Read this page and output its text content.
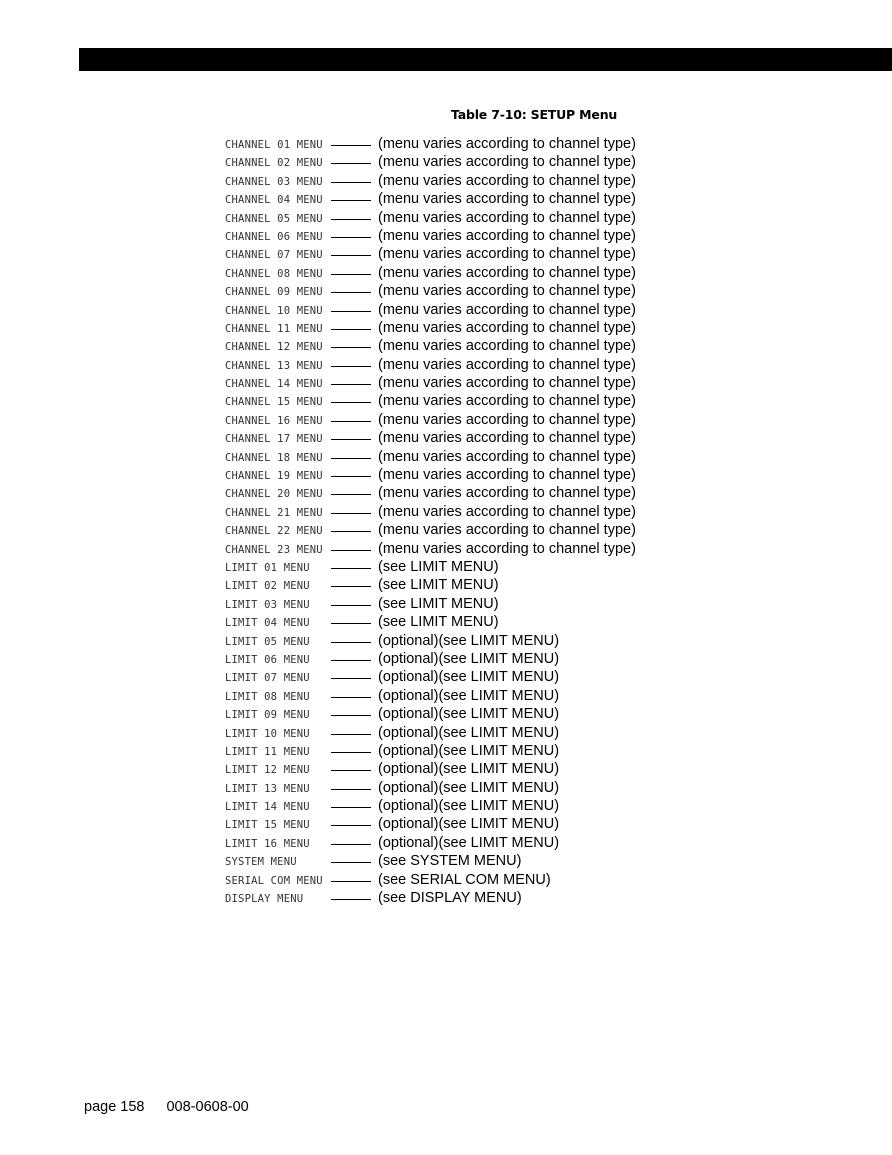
Table 7-10: SETUP Menu
CHANNEL 01 MENU	(menu varies according to channel type)
CHANNEL 02 MENU	(menu varies according to channel type)
CHANNEL 03 MENU	(menu varies according to channel type)
CHANNEL 04 MENU	(menu varies according to channel type)
CHANNEL 05 MENU	(menu varies according to channel type)
CHANNEL 06 MENU	(menu varies according to channel type)
CHANNEL 07 MENU	(menu varies according to channel type)
CHANNEL 08 MENU	(menu varies according to channel type)
CHANNEL 09 MENU	(menu varies according to channel type)
CHANNEL 10 MENU	(menu varies according to channel type)
CHANNEL 11 MENU	(menu varies according to channel type)
CHANNEL 12 MENU	(menu varies according to channel type)
CHANNEL 13 MENU	(menu varies according to channel type)
CHANNEL 14 MENU	(menu varies according to channel type)
CHANNEL 15 MENU	(menu varies according to channel type)
CHANNEL 16 MENU	(menu varies according to channel type)
CHANNEL 17 MENU	(menu varies according to channel type)
CHANNEL 18 MENU	(menu varies according to channel type)
CHANNEL 19 MENU	(menu varies according to channel type)
CHANNEL 20 MENU	(menu varies according to channel type)
CHANNEL 21 MENU	(menu varies according to channel type)
CHANNEL 22 MENU	(menu varies according to channel type)
CHANNEL 23 MENU	(menu varies according to channel type)
LIMIT 01 MENU	(see LIMIT MENU)
LIMIT 02 MENU	(see LIMIT MENU)
LIMIT 03 MENU	(see LIMIT MENU)
LIMIT 04 MENU	(see LIMIT MENU)
LIMIT 05 MENU	(optional)(see LIMIT MENU)
LIMIT 06 MENU	(optional)(see LIMIT MENU)
LIMIT 07 MENU	(optional)(see LIMIT MENU)
LIMIT 08 MENU	(optional)(see LIMIT MENU)
LIMIT 09 MENU	(optional)(see LIMIT MENU)
LIMIT 10 MENU	(optional)(see LIMIT MENU)
LIMIT 11 MENU	(optional)(see LIMIT MENU)
LIMIT 12 MENU	(optional)(see LIMIT MENU)
LIMIT 13 MENU	(optional)(see LIMIT MENU)
LIMIT 14 MENU	(optional)(see LIMIT MENU)
LIMIT 15 MENU	(optional)(see LIMIT MENU)
LIMIT 16 MENU	(optional)(see LIMIT MENU)
SYSTEM MENU	(see SYSTEM MENU)
SERIAL COM MENU	(see SERIAL COM MENU)
DISPLAY MENU	(see DISPLAY MENU)
page 158 008-0608-00
